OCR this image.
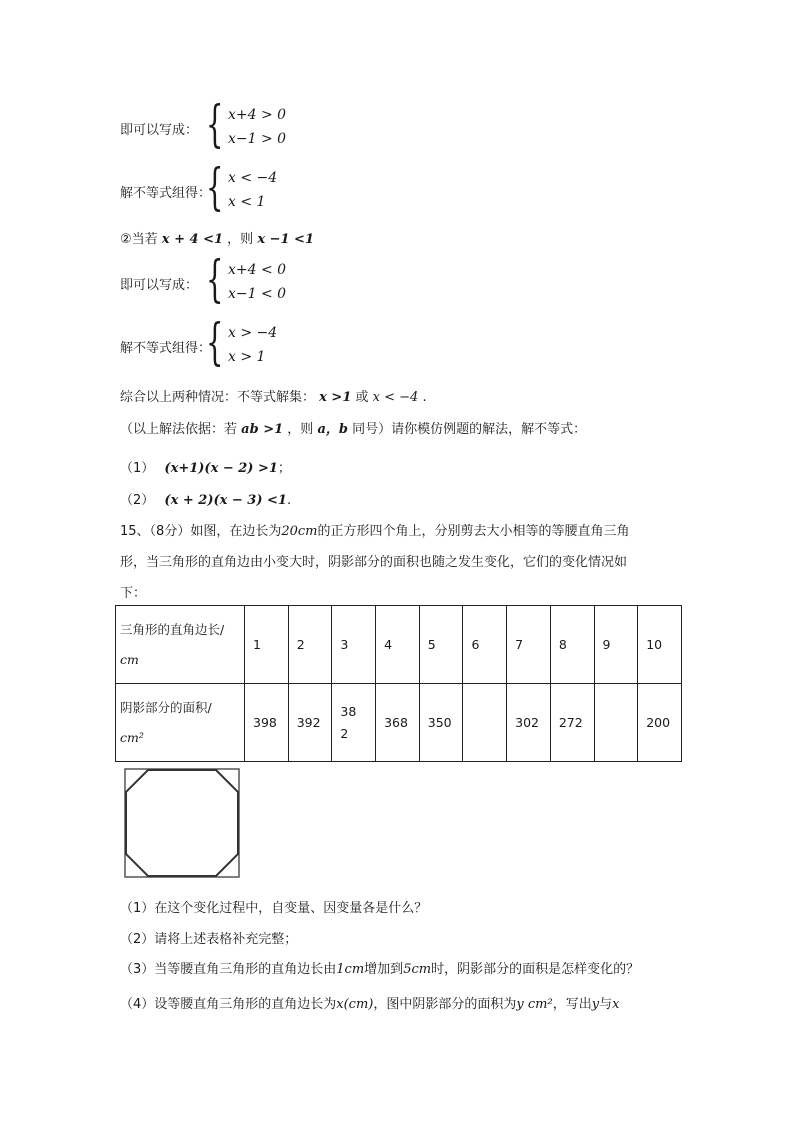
即可以写成： { x+4 > 0
x−1 > 0
解不等式组得：
{ x < −4
x < 1
②当若 x + 4 <1 ，则 x −1 <1
即可以写成： { x+4 < 0
x−1 < 0
解不等式组得：
{ x > −4
x > 1
综合以上两种情况：不等式解集： x >1 或 x < −4 .
（以上解法依据：若 ab >1 ，则 a，b 同号）请你模仿例题的解法，解不等式：
（1） (x+1)(x − 2) >1；
（2） (x + 2)(x − 3) <1.
15、（8分）如图，在边长为20cm的正方形四个角上，分别剪去大小相等的等腰直角三角
形，当三角形的直角边由小变大时，阴影部分的面积也随之发生变化，它们的变化情况如
下：
三角形的直角边长/
cm	1	2	3	4	5	6	7	8	9	10
阴影部分的面积/
cm²	398	392	38
2	368	350		302	272		200
（1）在这个变化过程中，自变量、因变量各是什么？
（2）请将上述表格补充完整；
（3）当等腰直角三角形的直角边长由1cm增加到5cm时，阴影部分的面积是怎样变化的？
（4）设等腰直角三角形的直角边长为x(cm)，图中阴影部分的面积为y cm²，写出y与x
